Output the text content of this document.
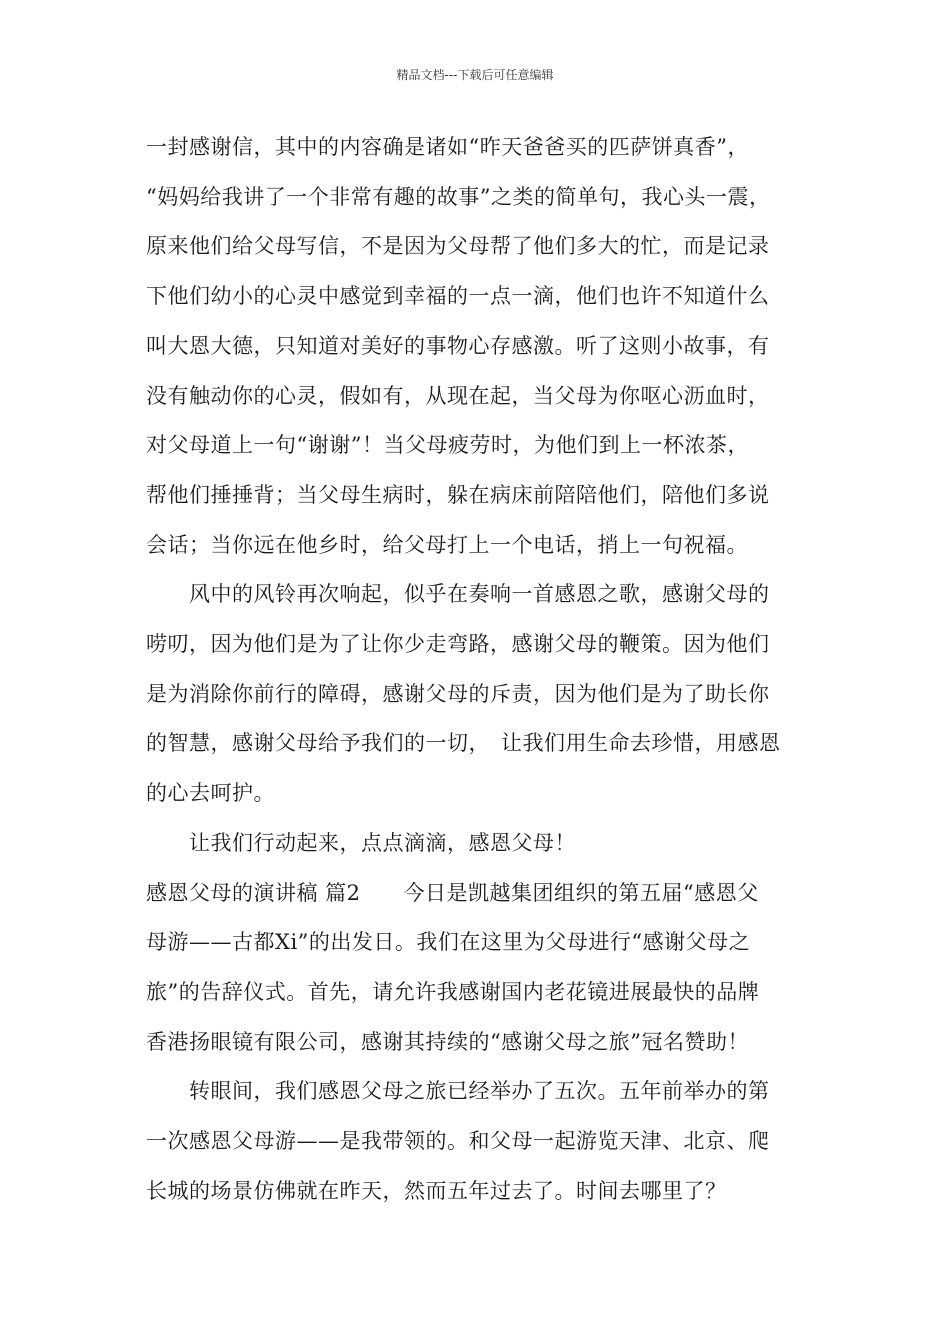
精品文档---下载后可任意编辑
一封感谢信，其中的内容确是诸如“昨天爸爸买的匹萨饼真香”，
“妈妈给我讲了一个非常有趣的故事”之类的简单句，我心头一震，
原来他们给父母写信，不是因为父母帮了他们多大的忙，而是记录
下他们幼小的心灵中感觉到幸福的一点一滴，他们也许不知道什么
叫大恩大德，只知道对美好的事物心存感激。听了这则小故事，有
没有触动你的心灵，假如有，从现在起，当父母为你呕心沥血时，
对父母道上一句“谢谢”！当父母疲劳时，为他们到上一杯浓茶，
帮他们捶捶背；当父母生病时，躲在病床前陪陪他们，陪他们多说
会话；当你远在他乡时，给父母打上一个电话，捎上一句祝福。
　　风中的风铃再次响起，似乎在奏响一首感恩之歌，感谢父母的
唠叨，因为他们是为了让你少走弯路，感谢父母的鞭策。因为他们
是为消除你前行的障碍，感谢父母的斥责，因为他们是为了助长你
的智慧，感谢父母给予我们的一切，　让我们用生命去珍惜，用感恩
的心去呵护。
　　让我们行动起来，点点滴滴，感恩父母！
感恩父母的演讲稿 篇2　　今日是凯越集团组织的第五届“感恩父
母游——古都Xi”的出发日。我们在这里为父母进行“感谢父母之
旅”的告辞仪式。首先，请允许我感谢国内老花镜进展最快的品牌
香港扬眼镜有限公司，感谢其持续的“感谢父母之旅”冠名赞助！
　　转眼间，我们感恩父母之旅已经举办了五次。五年前举办的第
一次感恩父母游——是我带领的。和父母一起游览天津、北京、爬
长城的场景仿佛就在昨天，然而五年过去了。时间去哪里了？
